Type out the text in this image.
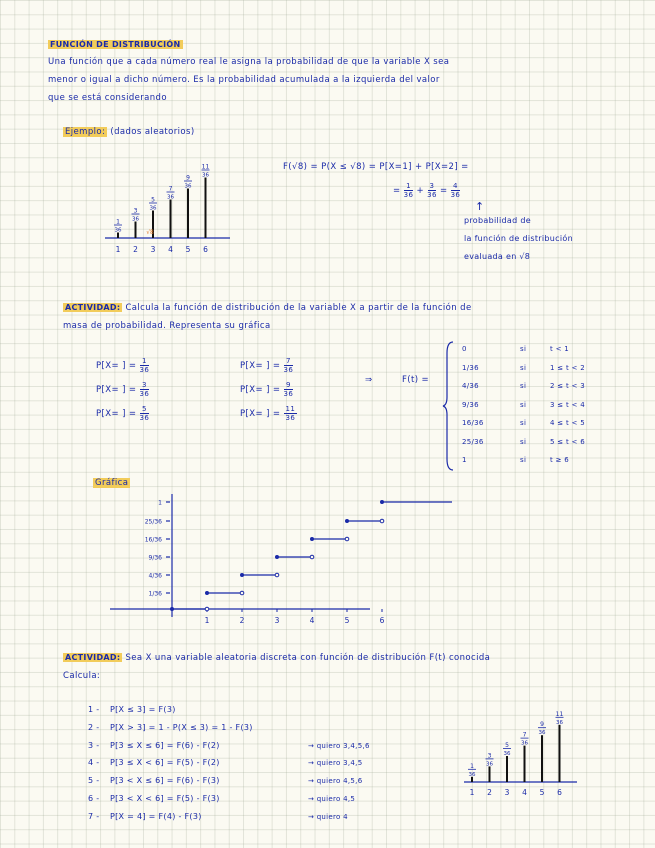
FUNCIÓN DE DISTRIBUCIÓN
Una función que a cada número real le asigna la probabilidad de que la variable X sea
menor o igual a dicho número. Es la probabilidad acumulada a la izquierda del valor
que se está considerando
Ejemplo: (dados aleatorios)
1
1
36
2
3
36
3
5
36
4
7
36
5
9
36
6
11
36
√8
F(√8) = P(X ≤ √8) = P[X=1] + P[X=2] =
= $\frac{1}{36} + \frac{3}{36} = \frac{4}{36}$
↑
probabilidad de
la función de distribución
evaluada en √8
ACTIVIDAD: Calcula la función de distribución de la variable X a partir de la función de
masa de probabilidad. Representa su gráfica
P[X= ] = $\frac{1}{36}$
P[X= ] = $\frac{3}{36}$
P[X= ] = $\frac{5}{36}$
P[X= ] = $\frac{7}{36}$
P[X= ] = $\frac{9}{36}$
P[X= ] = $\frac{11}{36}$
⇒	F(t) =
0	si	t < 1
1/36	si	1 ≤ t < 2
4/36	si	2 ≤ t < 3
9/36	si	3 ≤ t < 4
16/36	si	4 ≤ t < 5
25/36	si	5 ≤ t < 6
1	si	t ≥ 6
Gráfica
1	2	3	4	5	6
1/36
4/36
9/36
16/36
25/36
1
ACTIVIDAD: Sea X una variable aleatoria discreta con función de distribución F(t) conocida
Calcula:
1 - P[X ≤ 3] = F(3)
2 - P[X > 3] = 1 - P(X ≤ 3) = 1 - F(3)
3 - P[3 ≤ X ≤ 6] = F(6) - F(2)	→ quiero 3,4,5,6
4 - P[3 ≤ X < 6] = F(5) - F(2)	→ quiero 3,4,5
5 - P[3 < X ≤ 6] = F(6) - F(3)	→ quiero 4,5,6
6 - P[3 < X < 6] = F(5) - F(3)	→ quiero 4,5
7 - P[X = 4] = F(4) - F(3)	→ quiero 4
1
1
36
2
3
36
3
5
36
4
7
36
5
9
36
6
11
36
